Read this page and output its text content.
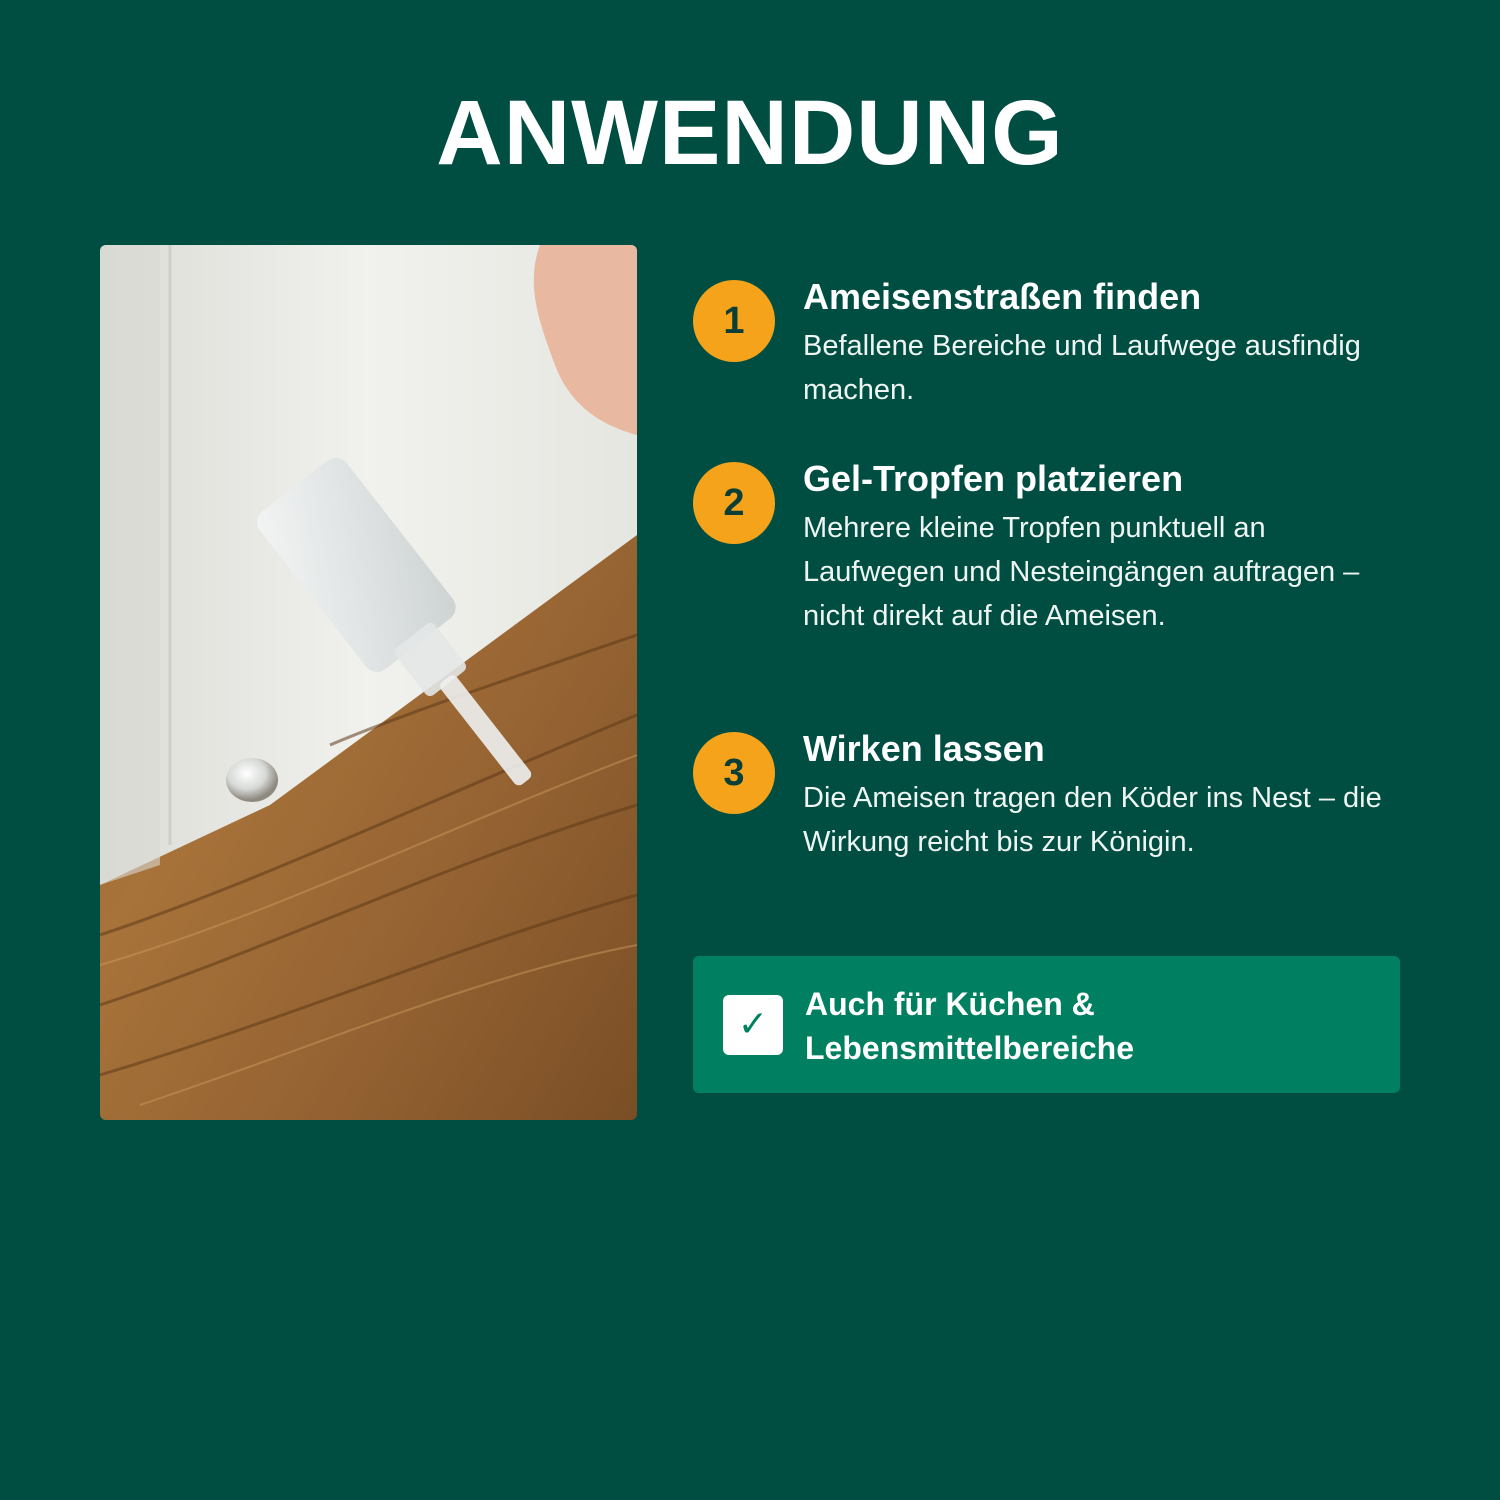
ANWENDUNG
1

Ameisenstraßen finden

Befallene Bereiche und Laufwege ausfindig machen.

2

Gel-Tropfen platzieren

Mehrere kleine Tropfen punktuell an Laufwegen und Nesteingängen auftragen – nicht direkt auf die Ameisen.

3

Wirken lassen

Die Ameisen tragen den Köder ins Nest – die Wirkung reicht bis zur Königin.

✓	Auch für Küchen & Lebensmittelbereiche
